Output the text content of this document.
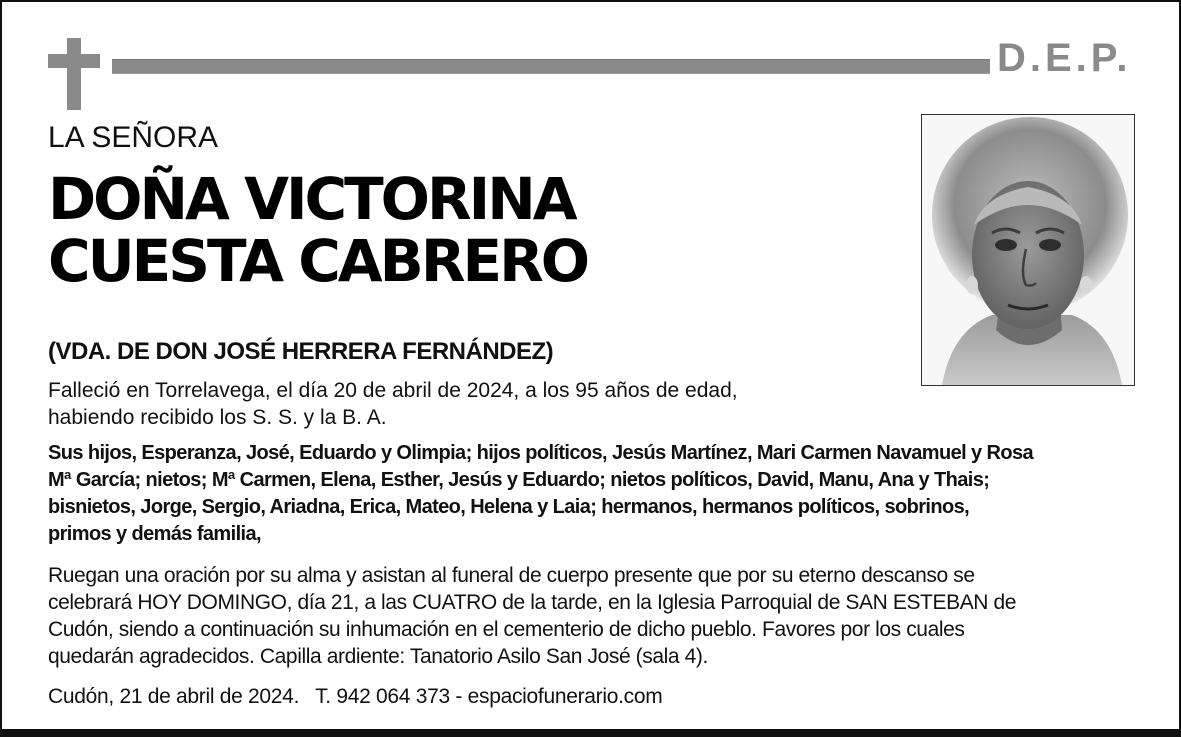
D.E.P.
LA SEÑORA
DOÑA VICTORINA
CUESTA CABRERO
(VDA. DE DON JOSÉ HERRERA FERNÁNDEZ)
Falleció en Torrelavega, el día 20 de abril de 2024, a los 95 años de edad,
habiendo recibido los S. S. y la B. A.
Sus hijos, Esperanza, José, Eduardo y Olimpia; hijos políticos, Jesús Martínez, Mari Carmen Navamuel y Rosa
Mª García; nietos; Mª Carmen, Elena, Esther, Jesús y Eduardo; nietos políticos, David, Manu, Ana y Thais;
bisnietos, Jorge, Sergio, Ariadna, Erica, Mateo, Helena y Laia; hermanos, hermanos políticos, sobrinos,
primos y demás familia,
Ruegan una oración por su alma y asistan al funeral de cuerpo presente que por su eterno descanso se
celebrará HOY DOMINGO, día 21, a las CUATRO de la tarde, en la Iglesia Parroquial de SAN ESTEBAN de
Cudón, siendo a continuación su inhumación en el cementerio de dicho pueblo. Favores por los cuales
quedarán agradecidos. Capilla ardiente: Tanatorio Asilo San José (sala 4).
Cudón, 21 de abril de 2024. T. 942 064 373 - espaciofunerario.com
